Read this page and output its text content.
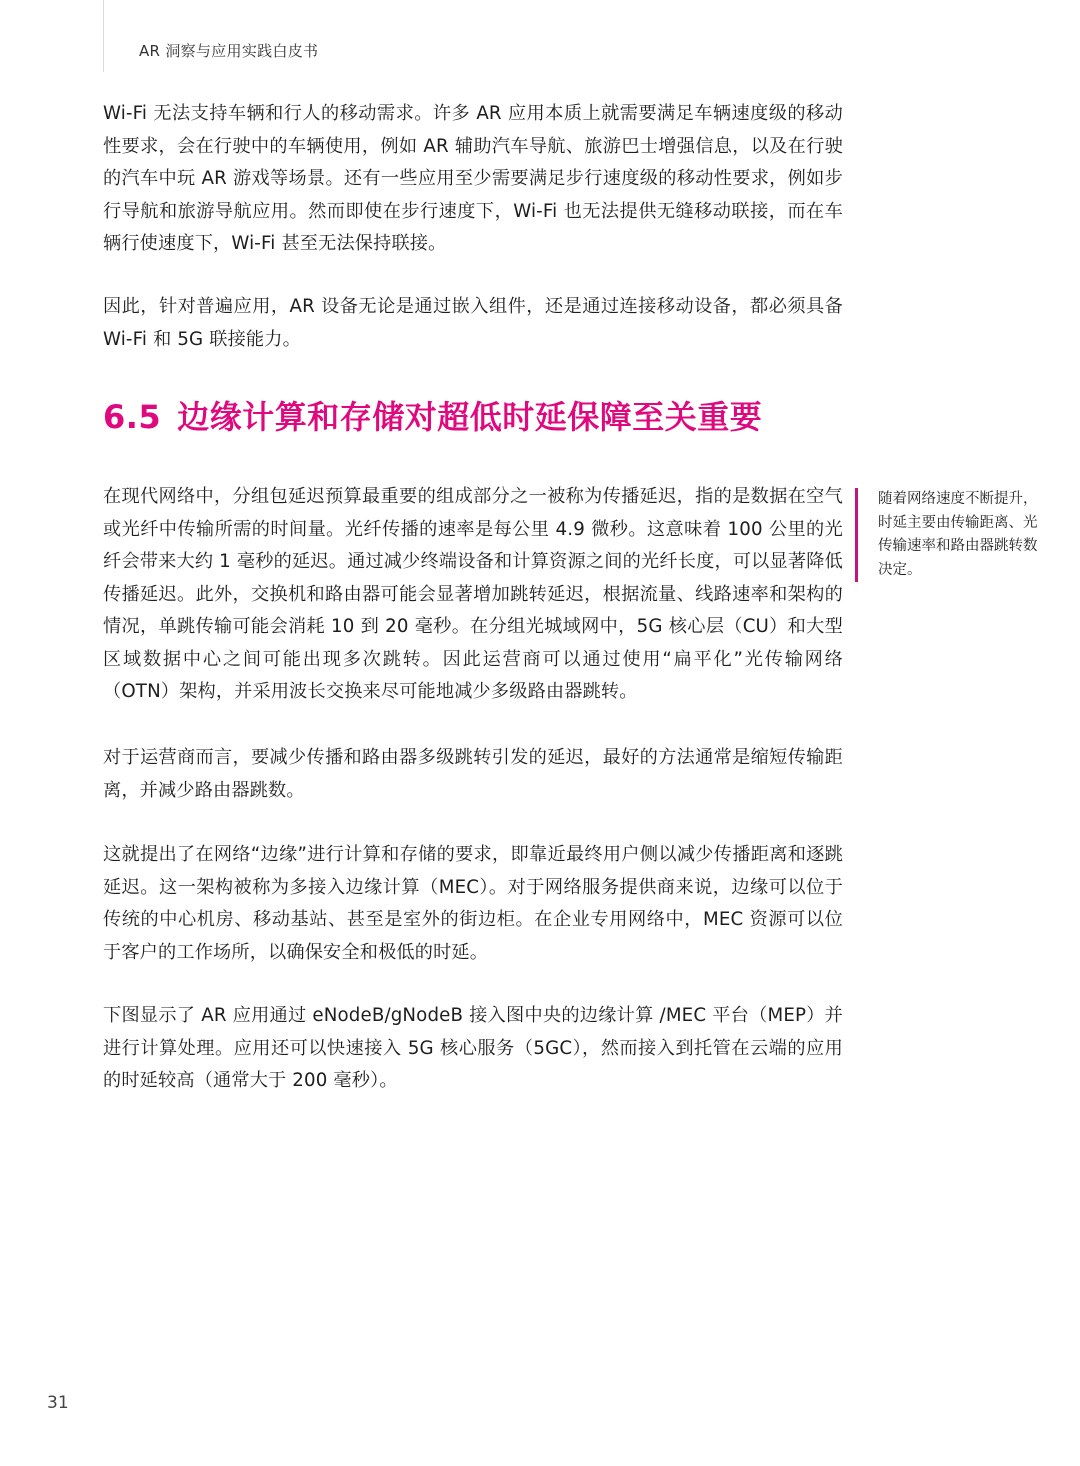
AR 洞察与应用实践白皮书

Wi-Fi 无法支持车辆和行人的移动需求。许多 AR 应用本质上就需要满足车辆速度级的移动性要求，会在行驶中的车辆使用，例如 AR 辅助汽车导航、旅游巴士增强信息，以及在行驶的汽车中玩 AR 游戏等场景。还有一些应用至少需要满足步行速度级的移动性要求，例如步行导航和旅游导航应用。然而即使在步行速度下，Wi-Fi 也无法提供无缝移动联接，而在车辆行使速度下，Wi-Fi 甚至无法保持联接。

因此，针对普遍应用，AR 设备无论是通过嵌入组件，还是通过连接移动设备，都必须具备 Wi-Fi 和 5G 联接能力。

6.5 边缘计算和存储对超低时延保障至关重要

在现代网络中，分组包延迟预算最重要的组成部分之一被称为传播延迟，指的是数据在空气或光纤中传输所需的时间量。光纤传播的速率是每公里 4.9 微秒。这意味着 100 公里的光纤会带来大约 1 毫秒的延迟。通过减少终端设备和计算资源之间的光纤长度，可以显著降低传播延迟。此外，交换机和路由器可能会显著增加跳转延迟，根据流量、线路速率和架构的情况，单跳传输可能会消耗 10 到 20 毫秒。在分组光城域网中，5G 核心层（CU）和大型区域数据中心之间可能出现多次跳转。因此运营商可以通过使用“扁平化”光传输网络（OTN）架构，并采用波长交换来尽可能地减少多级路由器跳转。

对于运营商而言，要减少传播和路由器多级跳转引发的延迟，最好的方法通常是缩短传输距离，并减少路由器跳数。

这就提出了在网络“边缘”进行计算和存储的要求，即靠近最终用户侧以减少传播距离和逐跳延迟。这一架构被称为多接入边缘计算（MEC）。对于网络服务提供商来说，边缘可以位于传统的中心机房、移动基站、甚至是室外的街边柜。在企业专用网络中，MEC 资源可以位于客户的工作场所，以确保安全和极低的时延。

下图显示了 AR 应用通过 eNodeB/gNodeB 接入图中央的边缘计算 /MEC 平台（MEP）并进行计算处理。应用还可以快速接入 5G 核心服务（5GC），然而接入到托管在云端的应用的时延较高（通常大于 200 毫秒）。

随着网络速度不断提升，时延主要由传输距离、光传输速率和路由器跳转数决定。
31
